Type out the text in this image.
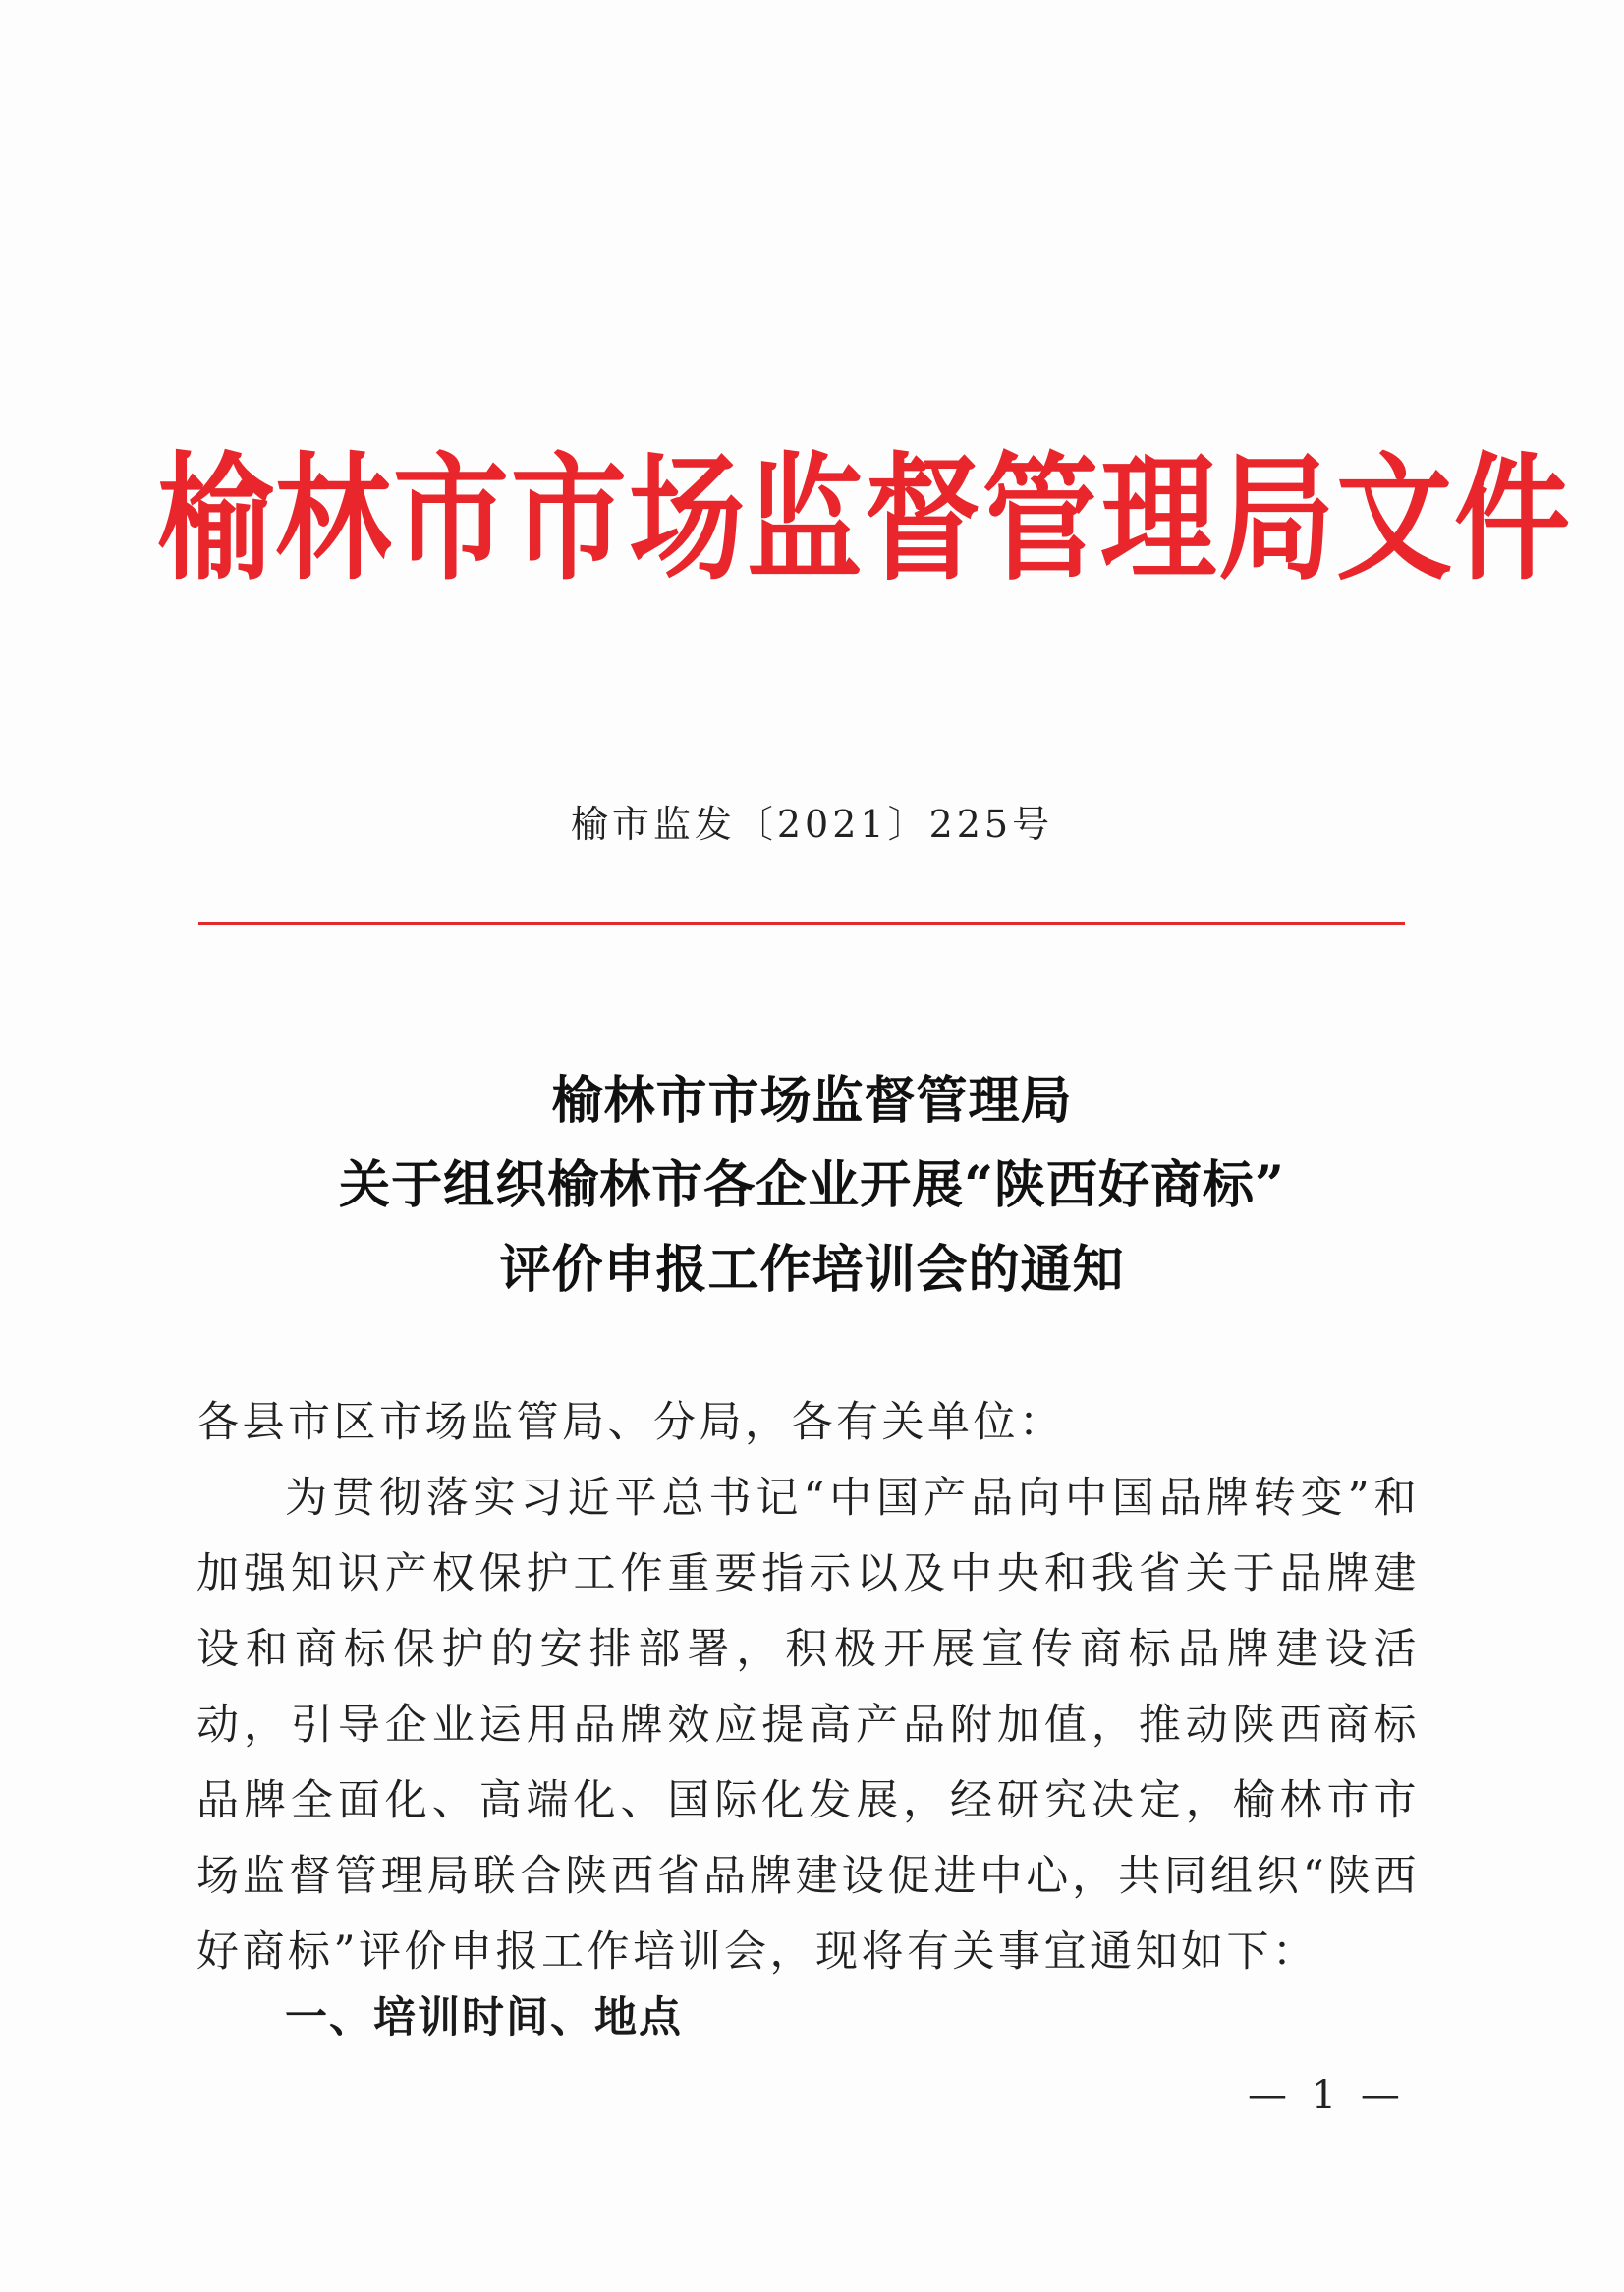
榆林市市场监督管理局文件
榆市监发〔2021〕225号
榆林市市场监督管理局
关于组织榆林市各企业开展“陕西好商标”
评价申报工作培训会的通知

各县市区市场监管局、分局，各有关单位：

为贯彻落实习近平总书记“中国产品向中国品牌转变”和加强知识产权保护工作重要指示以及中央和我省关于品牌建设和商标保护的安排部署，积极开展宣传商标品牌建设活动，引导企业运用品牌效应提高产品附加值，推动陕西商标品牌全面化、高端化、国际化发展，经研究决定，榆林市市场监督管理局联合陕西省品牌建设促进中心，共同组织“陕西好商标”评价申报工作培训会，现将有关事宜通知如下：

一、培训时间、地点
— 1 —
